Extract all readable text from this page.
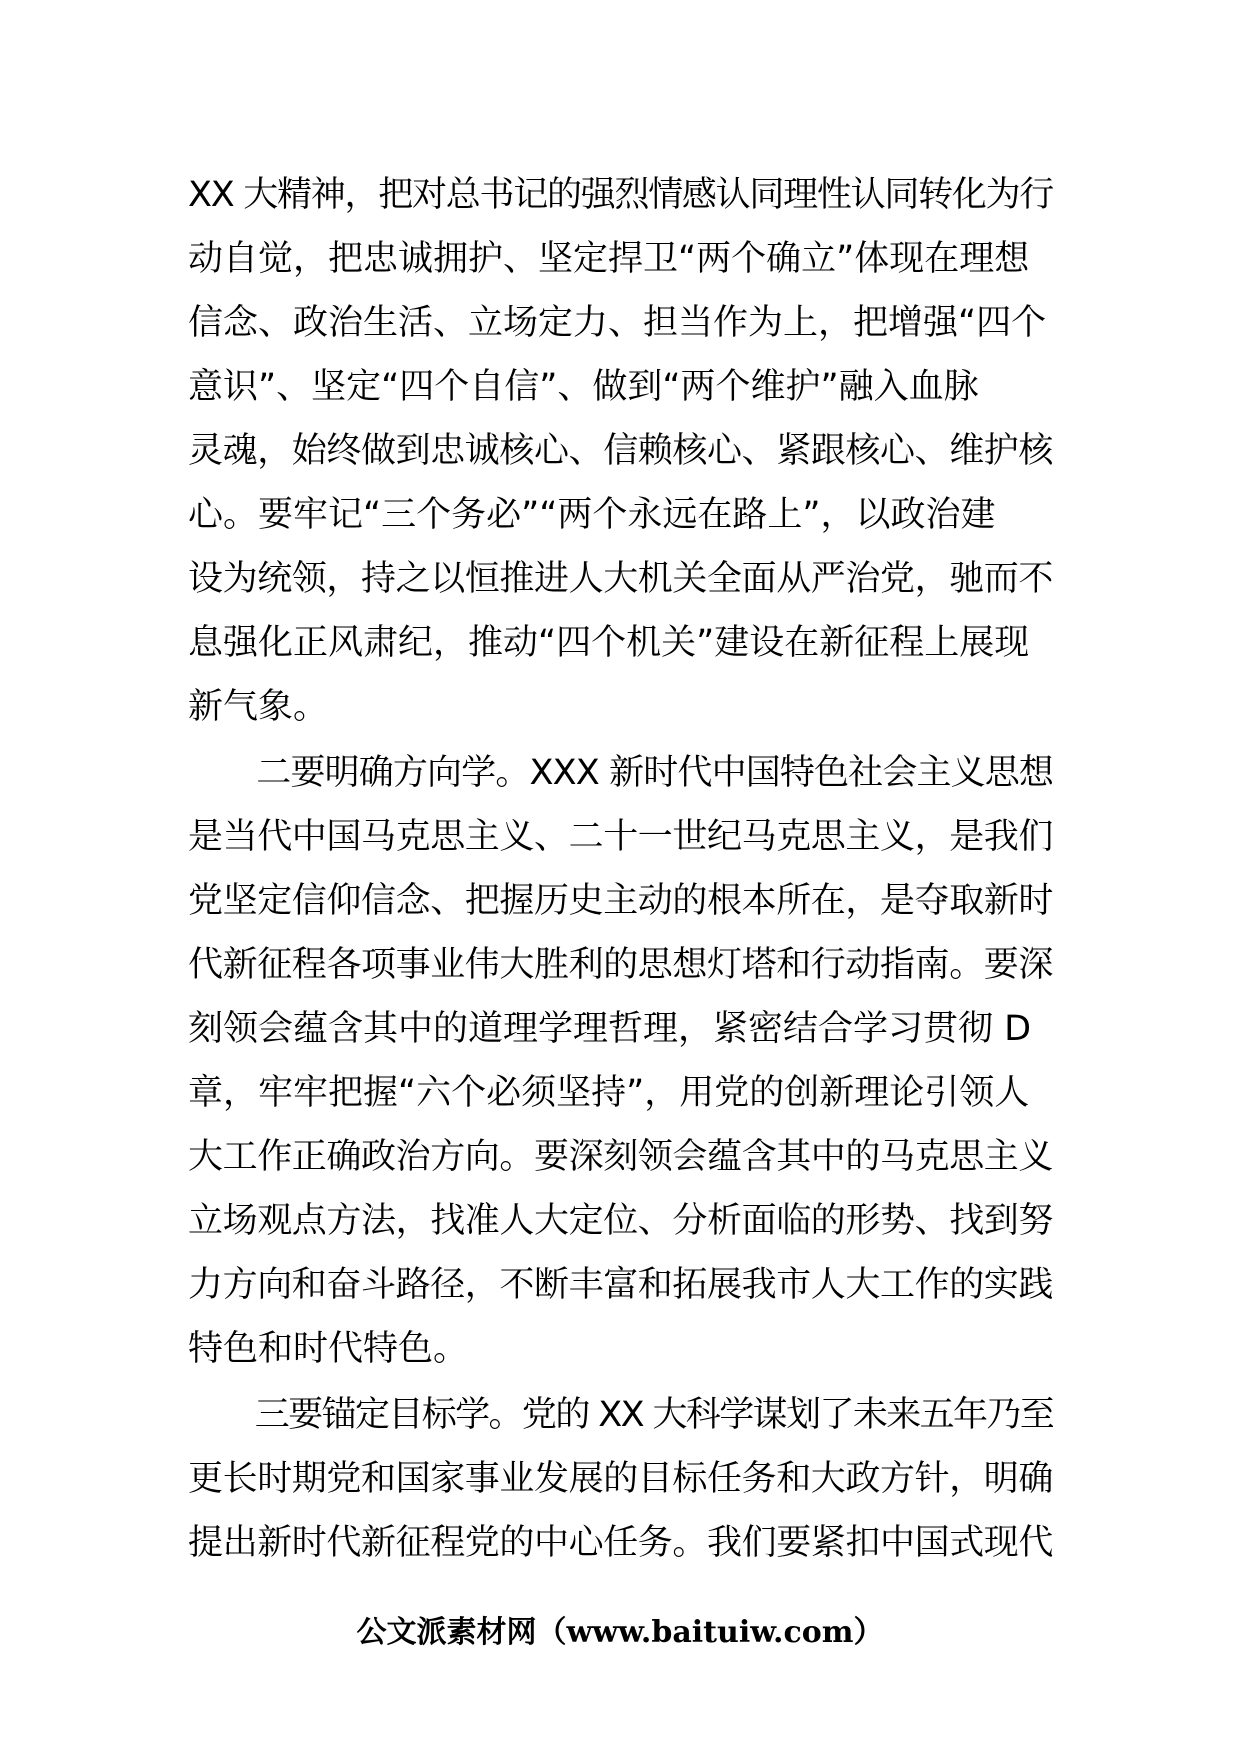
XX 大精神，把对总书记的强烈情感认同理性认同转化为行
动自觉，把忠诚拥护、坚定捍卫“两个确立”体现在理想
信念、政治生活、立场定力、担当作为上，把增强“四个
意识”、坚定“四个自信”、做到“两个维护”融入血脉
灵魂，始终做到忠诚核心、信赖核心、紧跟核心、维护核
心。要牢记“三个务必”“两个永远在路上”，以政治建
设为统领，持之以恒推进人大机关全面从严治党，驰而不
息强化正风肃纪，推动“四个机关”建设在新征程上展现
新气象。
　　二要明确方向学。XXX 新时代中国特色社会主义思想
是当代中国马克思主义、二十一世纪马克思主义，是我们
党坚定信仰信念、把握历史主动的根本所在，是夺取新时
代新征程各项事业伟大胜利的思想灯塔和行动指南。要深
刻领会蕴含其中的道理学理哲理，紧密结合学习贯彻 D
章，牢牢把握“六个必须坚持”，用党的创新理论引领人
大工作正确政治方向。要深刻领会蕴含其中的马克思主义
立场观点方法，找准人大定位、分析面临的形势、找到努
力方向和奋斗路径，不断丰富和拓展我市人大工作的实践
特色和时代特色。
　　三要锚定目标学。党的 XX 大科学谋划了未来五年乃至
更长时期党和国家事业发展的目标任务和大政方针，明确
提出新时代新征程党的中心任务。我们要紧扣中国式现代
公文派素材网（www.baituiw.com）
